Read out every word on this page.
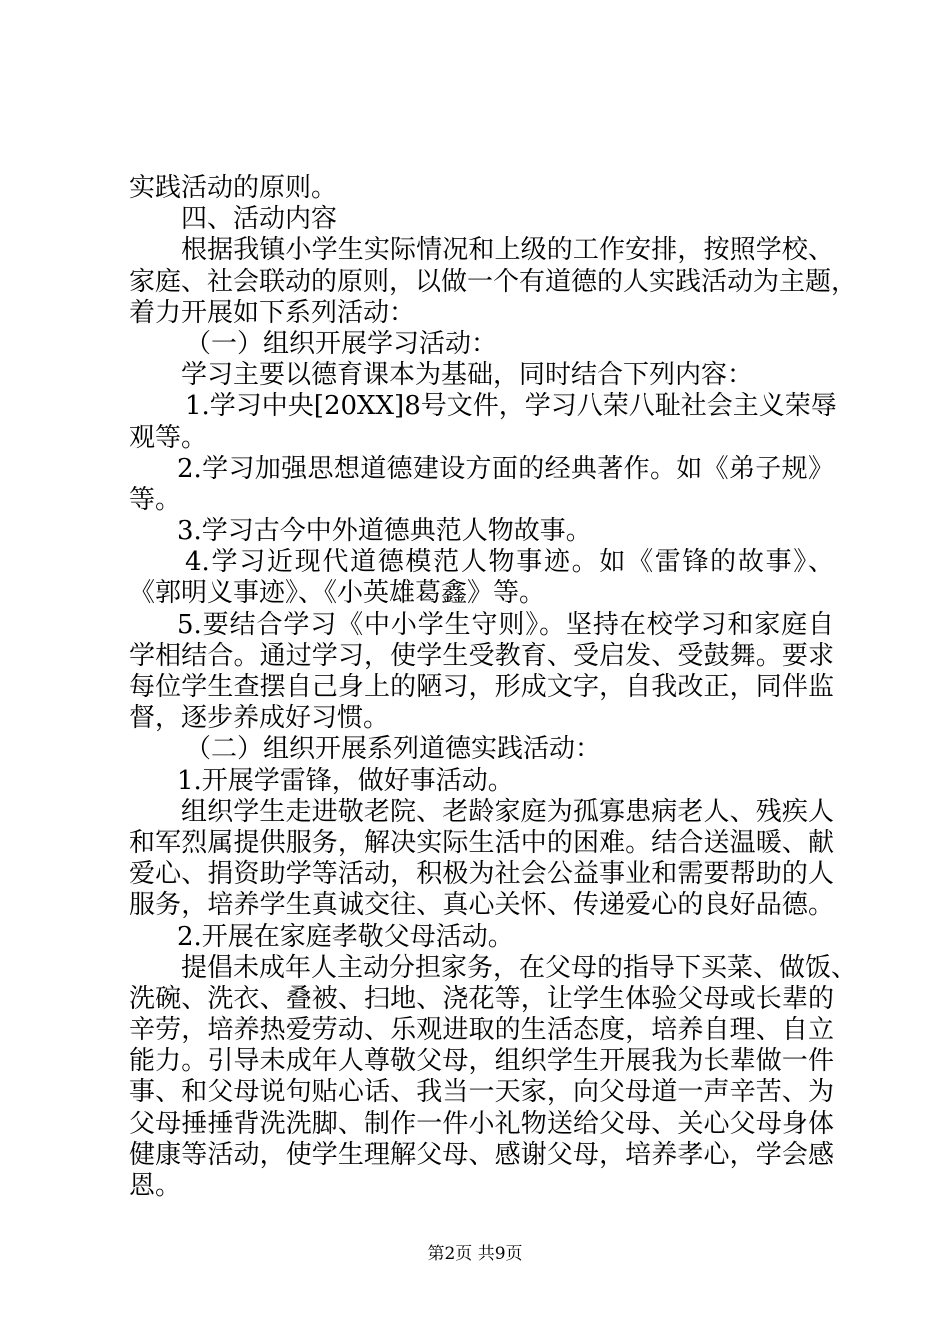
实践活动的原则。
四、活动内容
根据我镇小学生实际情况和上级的工作安排，按照学校、
家庭、社会联动的原则，以做一个有道德的人实践活动为主题，
着力开展如下系列活动：
（一）组织开展学习活动：
学习主要以德育课本为基础，同时结合下列内容：
1.学习中央[20XX]8号文件，学习八荣八耻社会主义荣辱
观等。
2.学习加强思想道德建设方面的经典著作。如《弟子规》
等。
3.学习古今中外道德典范人物故事。
4.学习近现代道德模范人物事迹。如《雷锋的故事》、
《郭明义事迹》、《小英雄葛鑫》等。
5.要结合学习《中小学生守则》。坚持在校学习和家庭自
学相结合。通过学习，使学生受教育、受启发、受鼓舞。要求
每位学生查摆自己身上的陋习，形成文字，自我改正，同伴监
督，逐步养成好习惯。
（二）组织开展系列道德实践活动：
1.开展学雷锋，做好事活动。
组织学生走进敬老院、老龄家庭为孤寡患病老人、残疾人
和军烈属提供服务，解决实际生活中的困难。结合送温暖、献
爱心、捐资助学等活动，积极为社会公益事业和需要帮助的人
服务，培养学生真诚交往、真心关怀、传递爱心的良好品德。
2.开展在家庭孝敬父母活动。
提倡未成年人主动分担家务，在父母的指导下买菜、做饭、
洗碗、洗衣、叠被、扫地、浇花等，让学生体验父母或长辈的
辛劳，培养热爱劳动、乐观进取的生活态度，培养自理、自立
能力。引导未成年人尊敬父母，组织学生开展我为长辈做一件
事、和父母说句贴心话、我当一天家，向父母道一声辛苦、为
父母捶捶背洗洗脚、制作一件小礼物送给父母、关心父母身体
健康等活动，使学生理解父母、感谢父母，培养孝心，学会感
恩。
第2页 共9页
